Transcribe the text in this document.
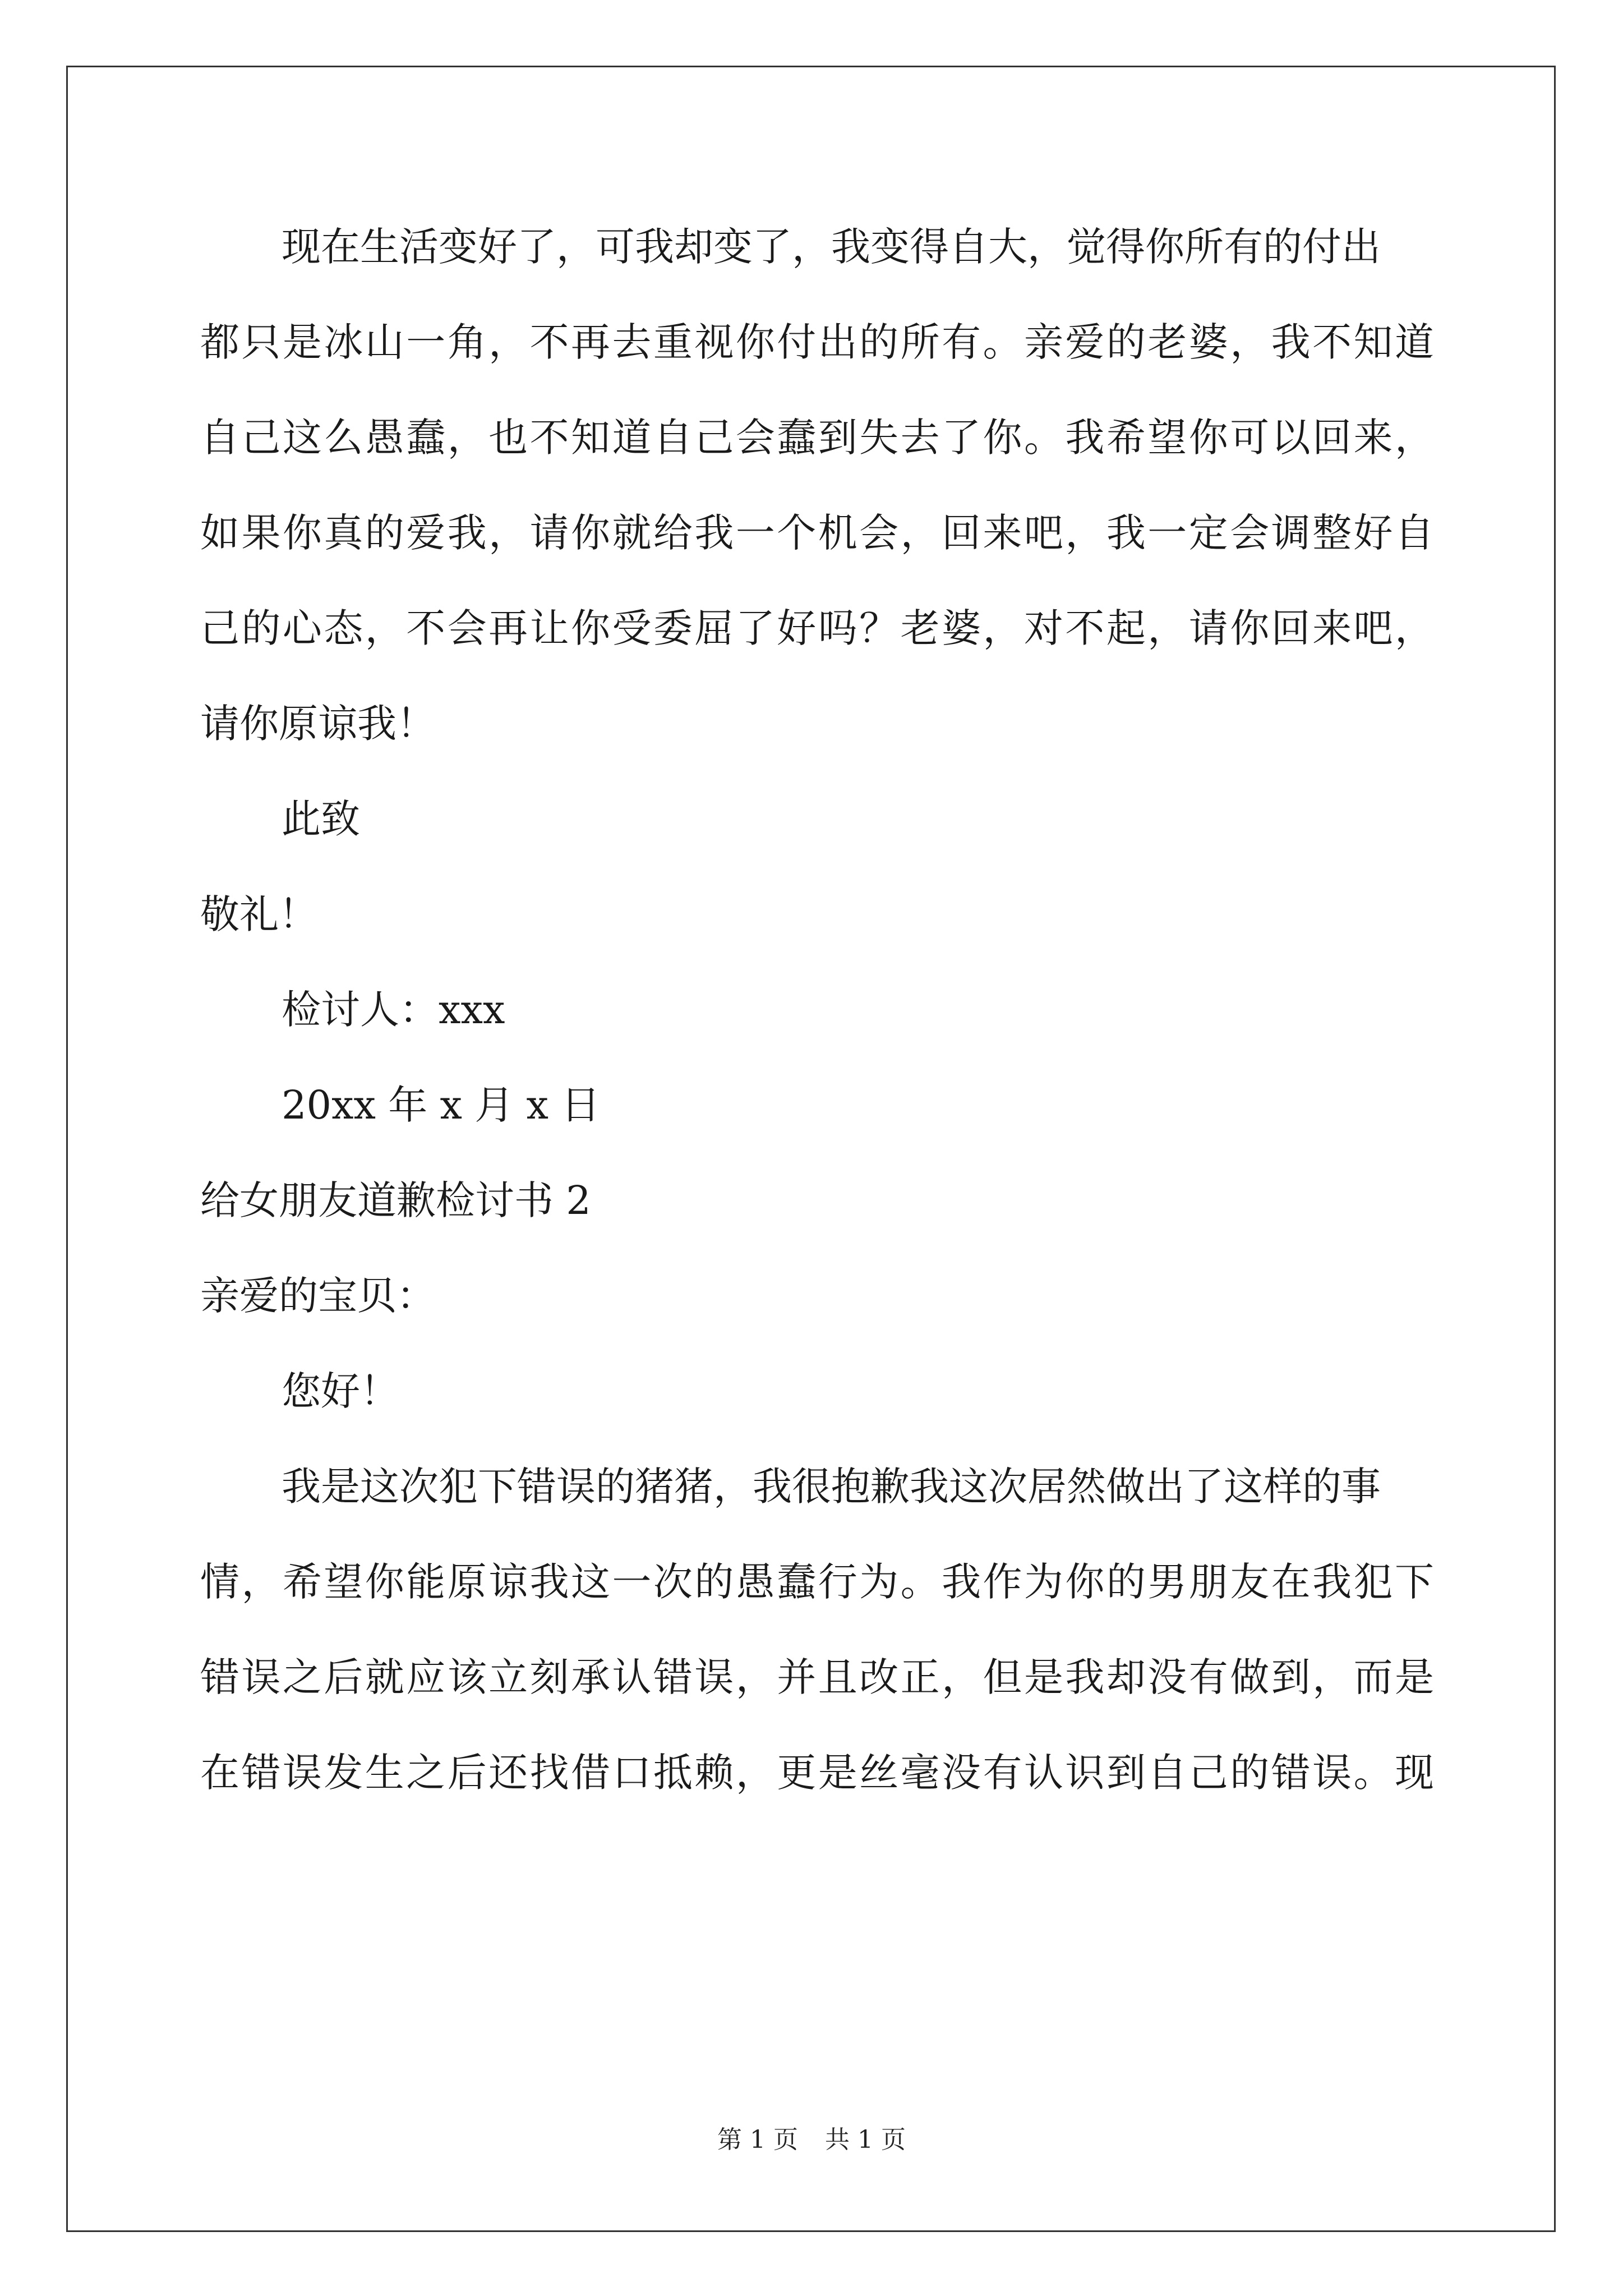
现在生活变好了，可我却变了，我变得自大，觉得你所有的付出
都只是冰山一角，不再去重视你付出的所有。亲爱的老婆，我不知道
自己这么愚蠢，也不知道自己会蠢到失去了你。我希望你可以回来，
如果你真的爱我，请你就给我一个机会，回来吧，我一定会调整好自
己的心态，不会再让你受委屈了好吗？老婆，对不起，请你回来吧，
请你原谅我！
此致
敬礼！
检讨人：xxx
20xx 年 x 月 x 日
给女朋友道歉检讨书 2
亲爱的宝贝：
您好！
我是这次犯下错误的猪猪，我很抱歉我这次居然做出了这样的事
情，希望你能原谅我这一次的愚蠢行为。我作为你的男朋友在我犯下
错误之后就应该立刻承认错误，并且改正，但是我却没有做到，而是
在错误发生之后还找借口抵赖，更是丝毫没有认识到自己的错误。现
第 1 页 共 1 页
